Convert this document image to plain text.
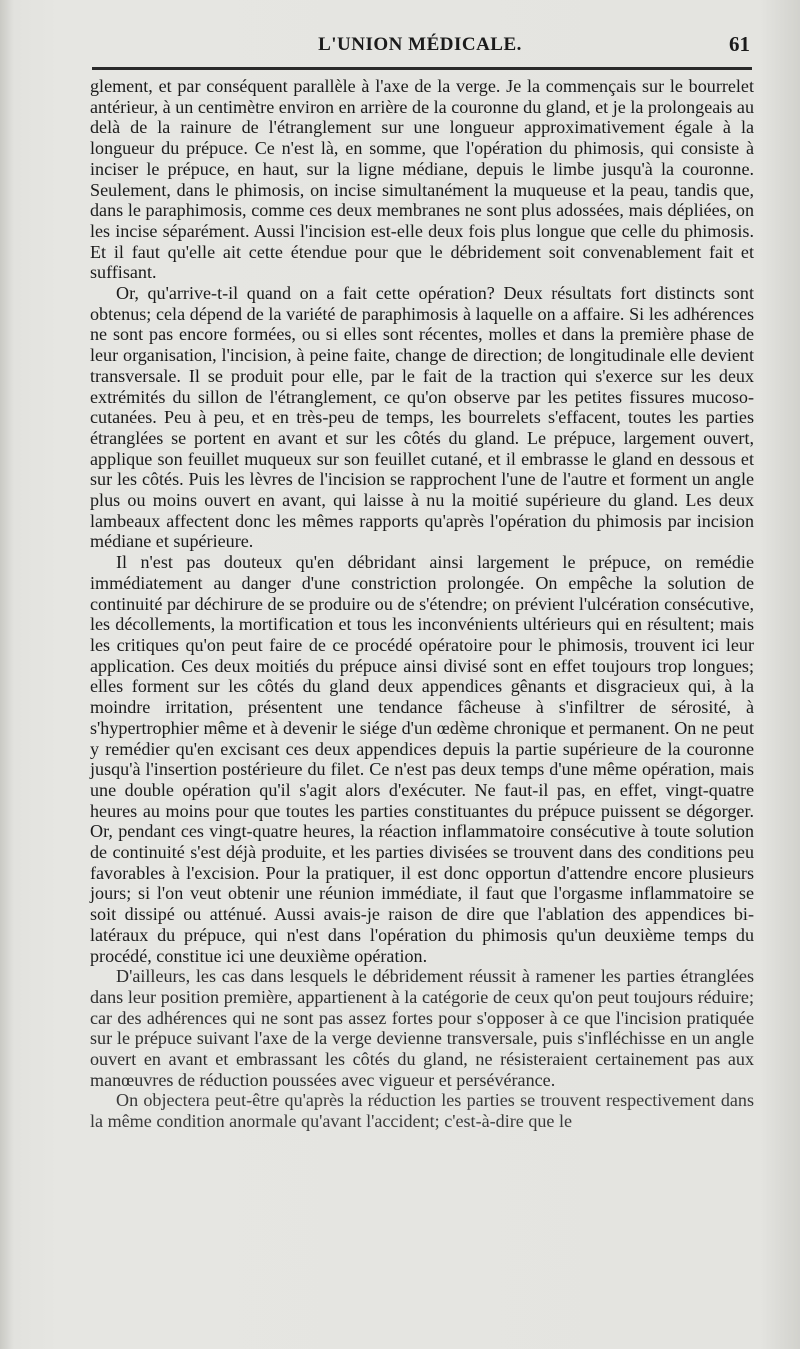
L'UNION MÉDICALE.	61

glement, et par conséquent parallèle à l'axe de la verge. Je la commençais sur le bourrelet antérieur, à un centimètre environ en arrière de la couronne du gland, et je la prolongeais au delà de la rainure de l'étranglement sur une longueur approximativement égale à la longueur du prépuce. Ce n'est là, en somme, que l'opération du phimosis, qui consiste à inciser le prépuce, en haut, sur la ligne médiane, depuis le limbe jusqu'à la couronne. Seulement, dans le phimosis, on incise simultanément la muqueuse et la peau, tandis que, dans le paraphimosis, comme ces deux membranes ne sont plus adossées, mais dépliées, on les incise séparément. Aussi l'incision est-elle deux fois plus longue que celle du phimosis. Et il faut qu'elle ait cette étendue pour que le débridement soit convenablement fait et suffisant.

Or, qu'arrive-t-il quand on a fait cette opération? Deux résultats fort distincts sont obtenus; cela dépend de la variété de paraphimosis à laquelle on a affaire. Si les adhérences ne sont pas encore formées, ou si elles sont récentes, molles et dans la première phase de leur organisation, l'incision, à peine faite, change de direction; de longitudinale elle devient transversale. Il se produit pour elle, par le fait de la traction qui s'exerce sur les deux extrémités du sillon de l'étranglement, ce qu'on observe par les petites fissures mucoso-cutanées. Peu à peu, et en très-peu de temps, les bourrelets s'effacent, toutes les parties étranglées se portent en avant et sur les côtés du gland. Le prépuce, largement ouvert, applique son feuillet muqueux sur son feuillet cutané, et il embrasse le gland en dessous et sur les côtés. Puis les lèvres de l'incision se rapprochent l'une de l'autre et forment un angle plus ou moins ouvert en avant, qui laisse à nu la moitié supérieure du gland. Les deux lambeaux affectent donc les mêmes rapports qu'après l'opération du phimosis par incision médiane et supérieure.

Il n'est pas douteux qu'en débridant ainsi largement le prépuce, on remédie immédiatement au danger d'une constriction prolongée. On empêche la solution de continuité par déchirure de se produire ou de s'étendre; on prévient l'ulcération consécutive, les décollements, la mortification et tous les inconvénients ultérieurs qui en résultent; mais les critiques qu'on peut faire de ce procédé opératoire pour le phimosis, trouvent ici leur application. Ces deux moitiés du prépuce ainsi divisé sont en effet toujours trop longues; elles forment sur les côtés du gland deux appendices gênants et disgracieux qui, à la moindre irritation, présentent une tendance fâcheuse à s'infiltrer de sérosité, à s'hypertrophier même et à devenir le siége d'un œdème chronique et permanent. On ne peut y remédier qu'en excisant ces deux appendices depuis la partie supérieure de la couronne jusqu'à l'insertion postérieure du filet. Ce n'est pas deux temps d'une même opération, mais une double opération qu'il s'agit alors d'exécuter. Ne faut-il pas, en effet, vingt-quatre heures au moins pour que toutes les parties constituantes du prépuce puissent se dégorger. Or, pendant ces vingt-quatre heures, la réaction inflammatoire consécutive à toute solution de continuité s'est déjà produite, et les parties divisées se trouvent dans des conditions peu favorables à l'excision. Pour la pratiquer, il est donc opportun d'attendre encore plusieurs jours; si l'on veut obtenir une réunion immédiate, il faut que l'orgasme inflammatoire se soit dissipé ou atténué. Aussi avais-je raison de dire que l'ablation des appendices bi-latéraux du prépuce, qui n'est dans l'opération du phimosis qu'un deuxième temps du procédé, constitue ici une deuxième opération.

D'ailleurs, les cas dans lesquels le débridement réussit à ramener les parties étranglées dans leur position première, appartienent à la catégorie de ceux qu'on peut toujours réduire; car des adhérences qui ne sont pas assez fortes pour s'opposer à ce que l'incision pratiquée sur le prépuce suivant l'axe de la verge devienne transversale, puis s'infléchisse en un angle ouvert en avant et embrassant les côtés du gland, ne résisteraient certainement pas aux manœuvres de réduction poussées avec vigueur et persévérance.

On objectera peut-être qu'après la réduction les parties se trouvent respectivement dans la même condition anormale qu'avant l'accident; c'est-à-dire que le
